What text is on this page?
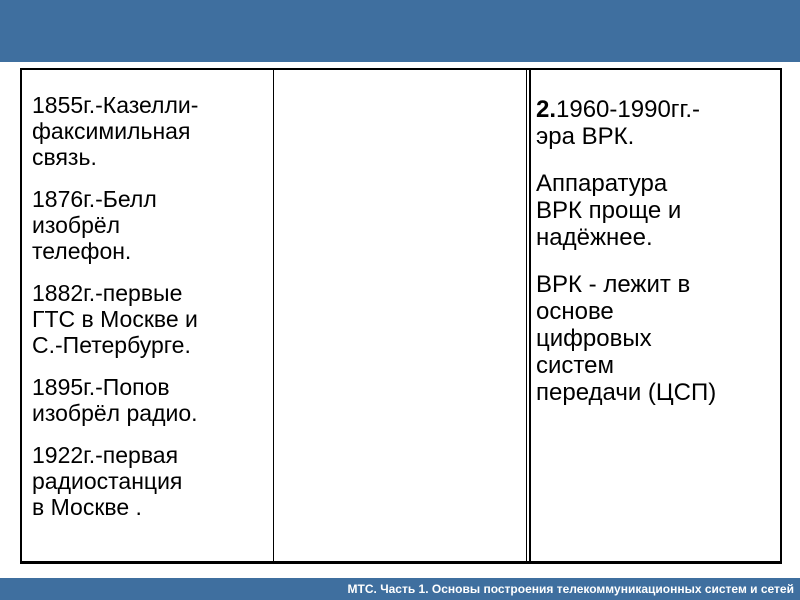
1855г.-Казелли-
факсимильная
связь.

1876г.-Белл
изобрёл
телефон.

1882г.-первые
ГТС в Москве и
С.-Петербурге.

1895г.-Попов
изобрёл радио.

1922г.-первая
радиостанция
в Москве .

2.1960-1990гг.-
эра ВРК.

Аппаратура
ВРК проще и
надёжнее.

ВРК - лежит в
основе
цифровых
систем
передачи (ЦСП)

МТС. Часть 1. Основы построения телекоммуникационных систем и сетей
